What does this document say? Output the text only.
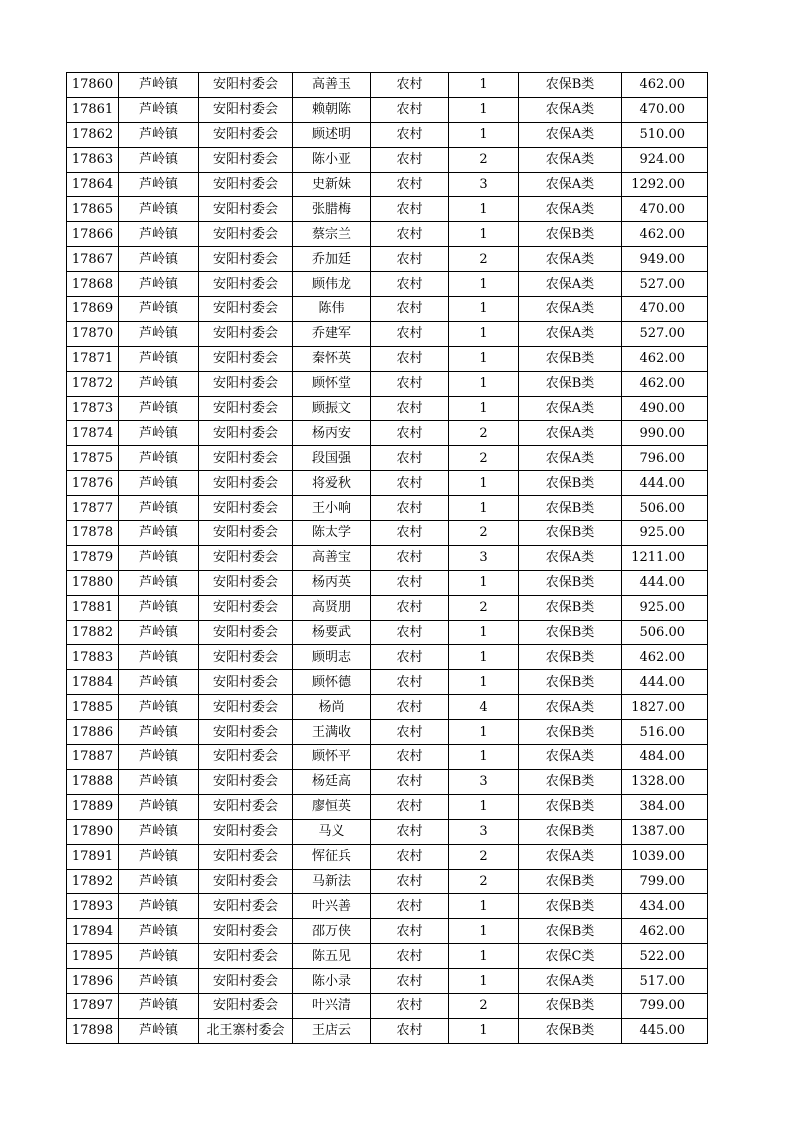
17860	芦岭镇	安阳村委会	高善玉	农村	1	农保B类	462.00
17861	芦岭镇	安阳村委会	赖朝陈	农村	1	农保A类	470.00
17862	芦岭镇	安阳村委会	顾述明	农村	1	农保A类	510.00
17863	芦岭镇	安阳村委会	陈小亚	农村	2	农保A类	924.00
17864	芦岭镇	安阳村委会	史新妹	农村	3	农保A类	1292.00
17865	芦岭镇	安阳村委会	张腊梅	农村	1	农保A类	470.00
17866	芦岭镇	安阳村委会	蔡宗兰	农村	1	农保B类	462.00
17867	芦岭镇	安阳村委会	乔加廷	农村	2	农保A类	949.00
17868	芦岭镇	安阳村委会	顾伟龙	农村	1	农保A类	527.00
17869	芦岭镇	安阳村委会	陈伟	农村	1	农保A类	470.00
17870	芦岭镇	安阳村委会	乔建军	农村	1	农保A类	527.00
17871	芦岭镇	安阳村委会	秦怀英	农村	1	农保B类	462.00
17872	芦岭镇	安阳村委会	顾怀堂	农村	1	农保B类	462.00
17873	芦岭镇	安阳村委会	顾振文	农村	1	农保A类	490.00
17874	芦岭镇	安阳村委会	杨丙安	农村	2	农保A类	990.00
17875	芦岭镇	安阳村委会	段国强	农村	2	农保A类	796.00
17876	芦岭镇	安阳村委会	将爱秋	农村	1	农保B类	444.00
17877	芦岭镇	安阳村委会	王小响	农村	1	农保B类	506.00
17878	芦岭镇	安阳村委会	陈太学	农村	2	农保B类	925.00
17879	芦岭镇	安阳村委会	高善宝	农村	3	农保A类	1211.00
17880	芦岭镇	安阳村委会	杨丙英	农村	1	农保B类	444.00
17881	芦岭镇	安阳村委会	高贤朋	农村	2	农保B类	925.00
17882	芦岭镇	安阳村委会	杨要武	农村	1	农保B类	506.00
17883	芦岭镇	安阳村委会	顾明志	农村	1	农保B类	462.00
17884	芦岭镇	安阳村委会	顾怀德	农村	1	农保B类	444.00
17885	芦岭镇	安阳村委会	杨尚	农村	4	农保A类	1827.00
17886	芦岭镇	安阳村委会	王满收	农村	1	农保B类	516.00
17887	芦岭镇	安阳村委会	顾怀平	农村	1	农保A类	484.00
17888	芦岭镇	安阳村委会	杨廷高	农村	3	农保B类	1328.00
17889	芦岭镇	安阳村委会	廖恒英	农村	1	农保B类	384.00
17890	芦岭镇	安阳村委会	马义	农村	3	农保B类	1387.00
17891	芦岭镇	安阳村委会	恽征兵	农村	2	农保A类	1039.00
17892	芦岭镇	安阳村委会	马新法	农村	2	农保B类	799.00
17893	芦岭镇	安阳村委会	叶兴善	农村	1	农保B类	434.00
17894	芦岭镇	安阳村委会	邵万侠	农村	1	农保B类	462.00
17895	芦岭镇	安阳村委会	陈五见	农村	1	农保C类	522.00
17896	芦岭镇	安阳村委会	陈小录	农村	1	农保A类	517.00
17897	芦岭镇	安阳村委会	叶兴清	农村	2	农保B类	799.00
17898	芦岭镇	北王寨村委会	王店云	农村	1	农保B类	445.00
